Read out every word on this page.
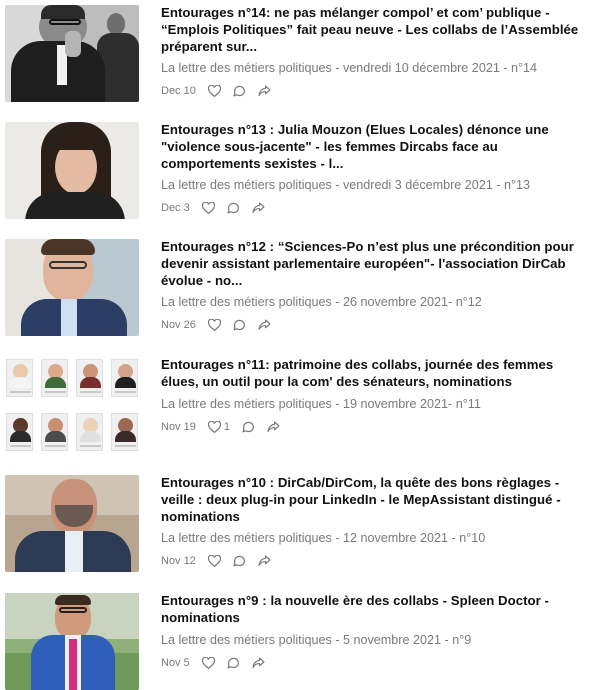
Entourages n°14: ne pas mélanger compol’ et com’ publique - “Emplois Politiques” fait peau neuve - Les collabs de l’Assemblée préparent sur...
La lettre des métiers politiques - vendredi 10 décembre 2021 - n°14
Dec 10
Entourages n°13 : Julia Mouzon (Elues Locales) dénonce une "violence sous-jacente" - les femmes Dircabs face au comportements sexistes - l...
La lettre des métiers politiques - vendredi 3 décembre 2021 - n°13
Dec 3
Entourages n°12 : “Sciences-Po n’est plus une précondition pour devenir assistant parlementaire européen"- l'association DirCab évolue - no...
La lettre des métiers politiques - 26 novembre 2021- n°12
Nov 26
Entourages n°11: patrimoine des collabs, journée des femmes élues, un outil pour la com' des sénateurs, nominations
La lettre des métiers politiques - 19 novembre 2021- n°11
Nov 19	1
Entourages n°10 : DirCab/DirCom, la quête des bons règlages - veille : deux plug-in pour LinkedIn - le MepAssistant distingué - nominations
La lettre des métiers politiques - 12 novembre 2021 - n°10
Nov 12
Entourages n°9 : la nouvelle ère des collabs - Spleen Doctor - nominations
La lettre des métiers politiques - 5 novembre 2021 - n°9
Nov 5
